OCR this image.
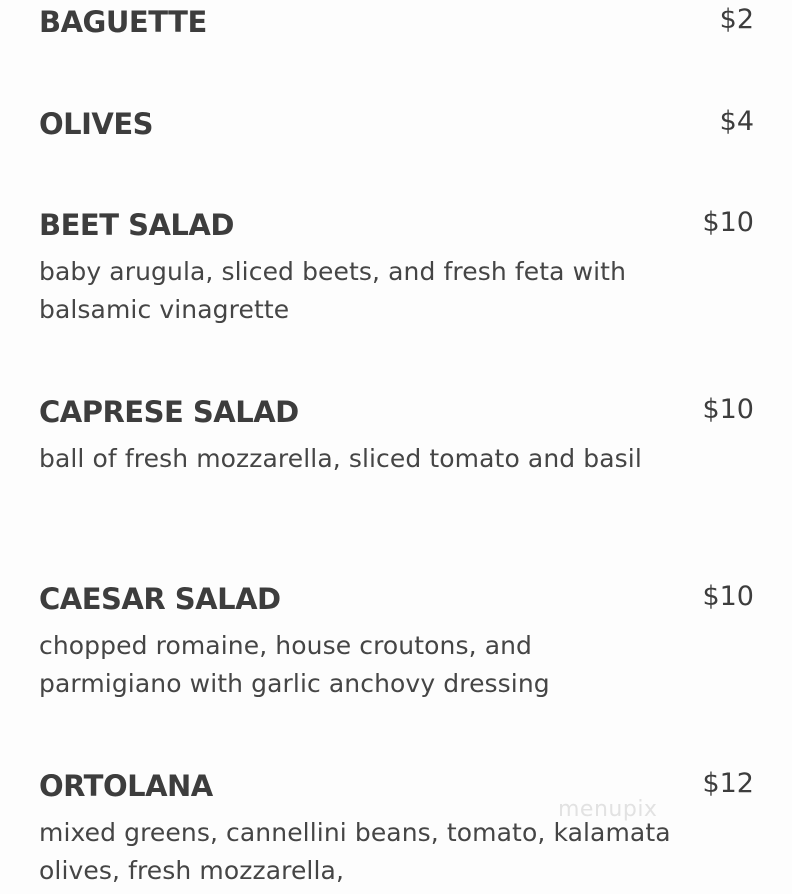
BAGUETTE	$2
OLIVES	$4
BEET SALAD	$10
baby arugula, sliced beets, and fresh feta with balsamic vinagrette
CAPRESE SALAD	$10
ball of fresh mozzarella, sliced tomato and basil
CAESAR SALAD	$10
chopped romaine, house croutons, and parmigiano with garlic anchovy dressing
ORTOLANA	$12
mixed greens, cannellini beans, tomato, kalamata olives, fresh mozzarella,
menupix
